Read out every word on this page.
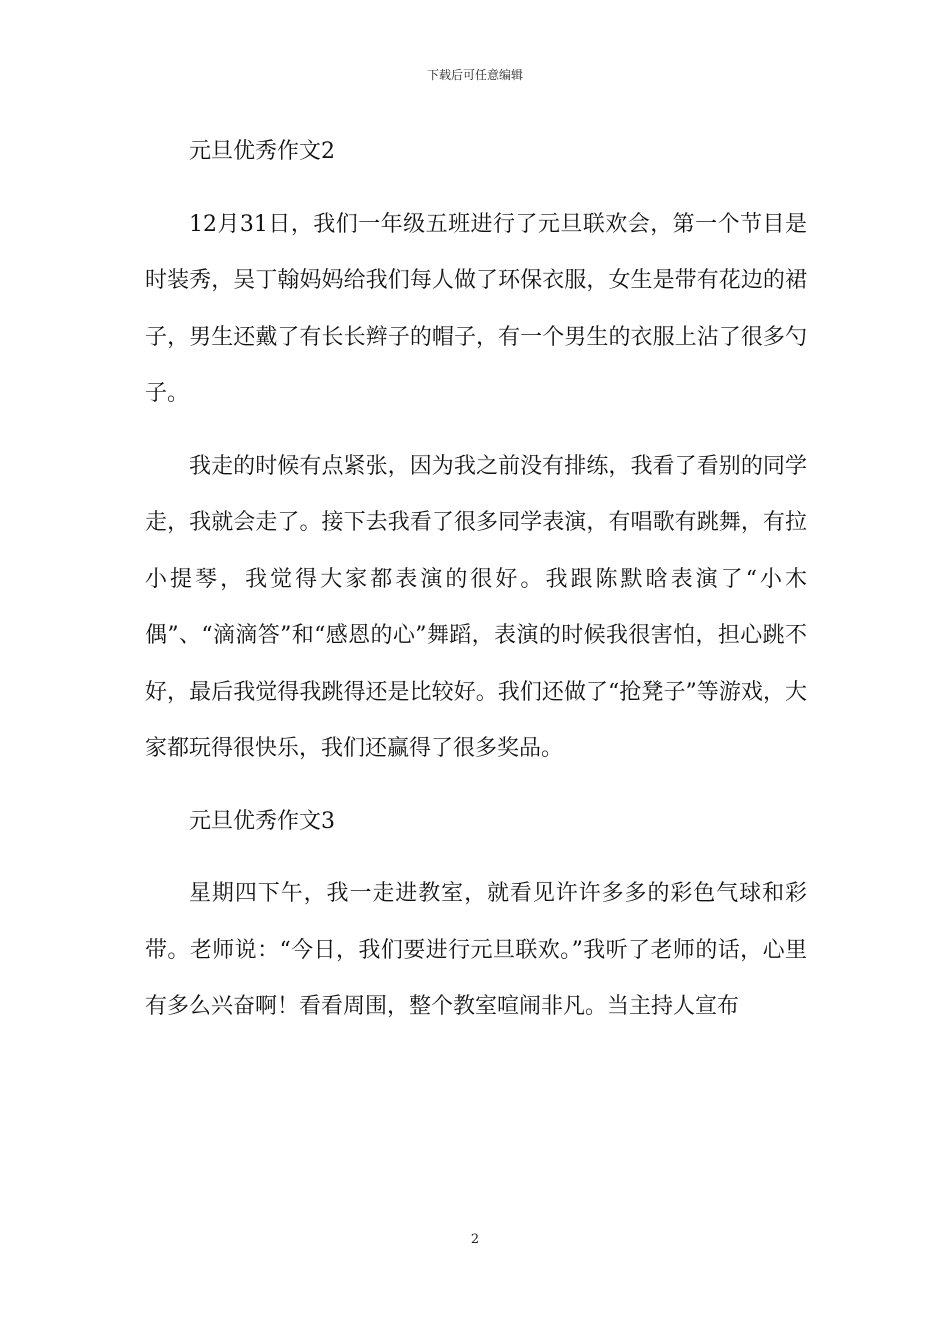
下载后可任意编辑

元旦优秀作文2

12月31日，我们一年级五班进行了元旦联欢会，第一个节目是时装秀，吴丁翰妈妈给我们每人做了环保衣服，女生是带有花边的裙子，男生还戴了有长长辫子的帽子，有一个男生的衣服上沾了很多勺子。

我走的时候有点紧张，因为我之前没有排练，我看了看别的同学走，我就会走了。接下去我看了很多同学表演，有唱歌有跳舞，有拉小提琴，我觉得大家都表演的很好。我跟陈默晗表演了“小木偶”、“滴滴答”和“感恩的心”舞蹈，表演的时候我很害怕，担心跳不好，最后我觉得我跳得还是比较好。我们还做了“抢凳子”等游戏，大家都玩得很快乐，我们还赢得了很多奖品。

元旦优秀作文3

星期四下午，我一走进教室，就看见许许多多的彩色气球和彩带。老师说：“今日，我们要进行元旦联欢。”我听了老师的话，心里有多么兴奋啊！看看周围，整个教室喧闹非凡。当主持人宣布

2
